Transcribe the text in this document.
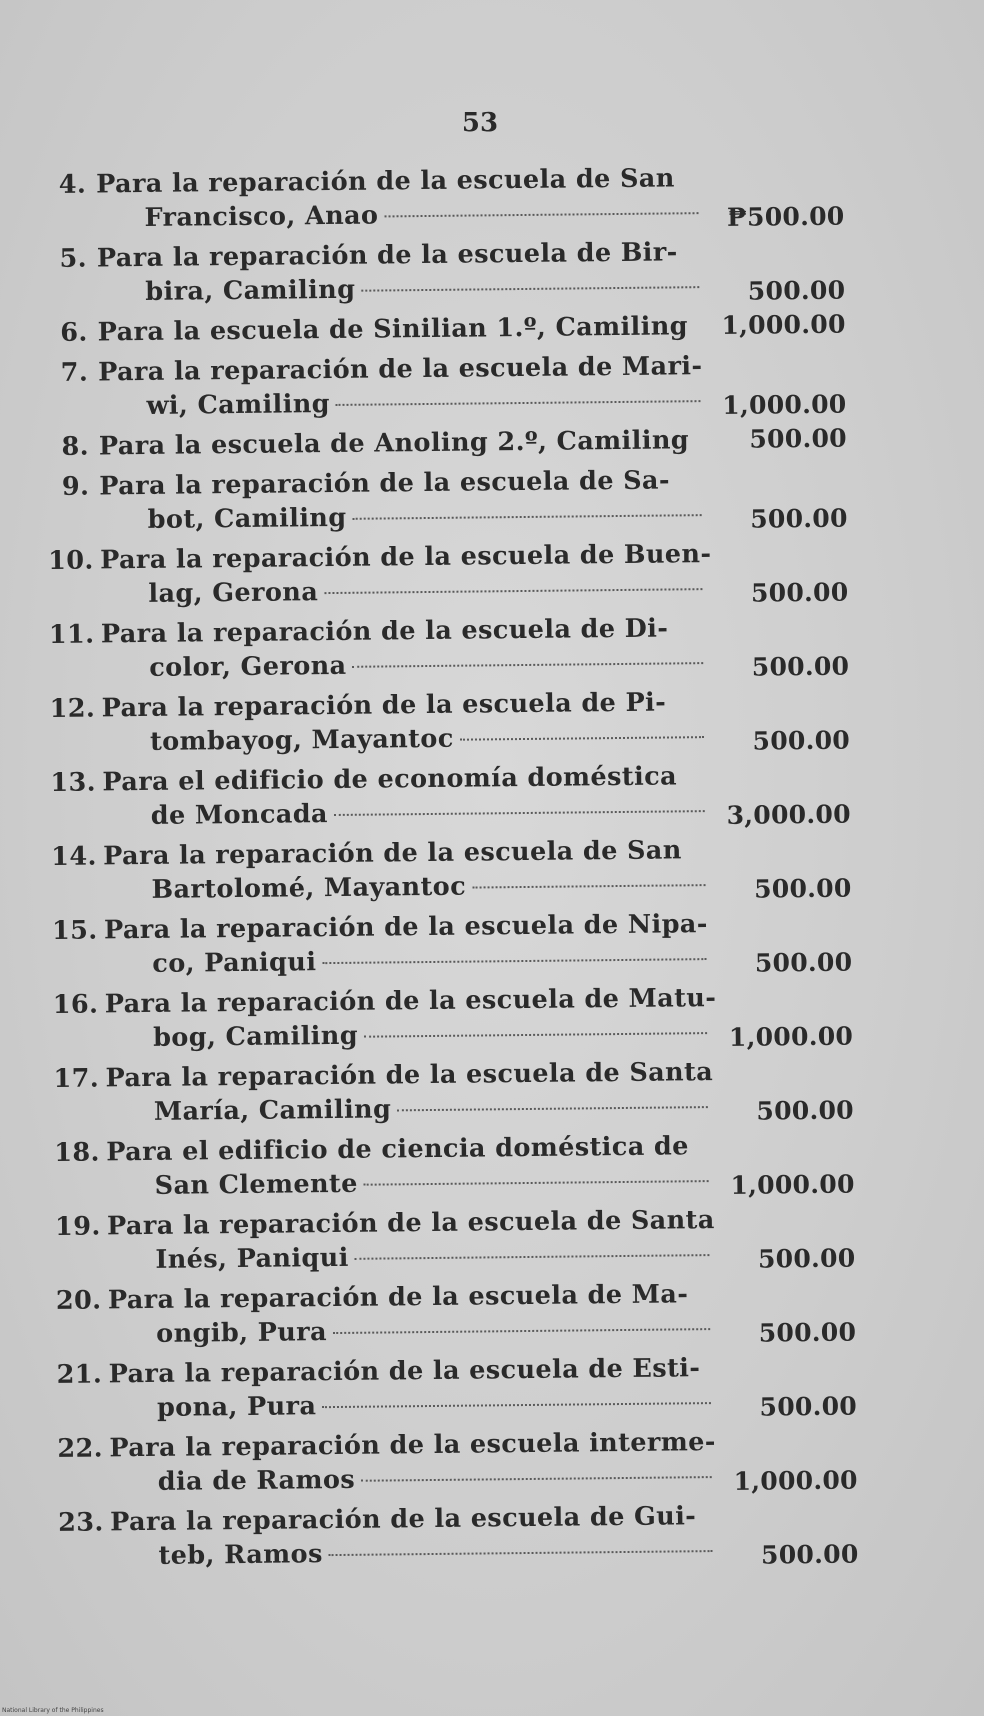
53
4. Para la reparación de la escuela de San
Francisco, Anao	₱500.00
5. Para la reparación de la escuela de Bir-
bira, Camiling	500.00
6. Para la escuela de Sinilian 1.º, Camiling	1,000.00
7. Para la reparación de la escuela de Mari-
wi, Camiling	1,000.00
8. Para la escuela de Anoling 2.º, Camiling	500.00
9. Para la reparación de la escuela de Sa-
bot, Camiling	500.00
10. Para la reparación de la escuela de Buen-
lag, Gerona	500.00
11. Para la reparación de la escuela de Di-
color, Gerona	500.00
12. Para la reparación de la escuela de Pi-
tombayog, Mayantoc	500.00
13. Para el edificio de economía doméstica
de Moncada	3,000.00
14. Para la reparación de la escuela de San
Bartolomé, Mayantoc	500.00
15. Para la reparación de la escuela de Nipa-
co, Paniqui	500.00
16. Para la reparación de la escuela de Matu-
bog, Camiling	1,000.00
17. Para la reparación de la escuela de Santa
María, Camiling	500.00
18. Para el edificio de ciencia doméstica de
San Clemente	1,000.00
19. Para la reparación de la escuela de Santa
Inés, Paniqui	500.00
20. Para la reparación de la escuela de Ma-
ongib, Pura	500.00
21. Para la reparación de la escuela de Esti-
pona, Pura	500.00
22. Para la reparación de la escuela interme-
dia de Ramos	1,000.00
23. Para la reparación de la escuela de Gui-
teb, Ramos	500.00
National Library of the Philippines
